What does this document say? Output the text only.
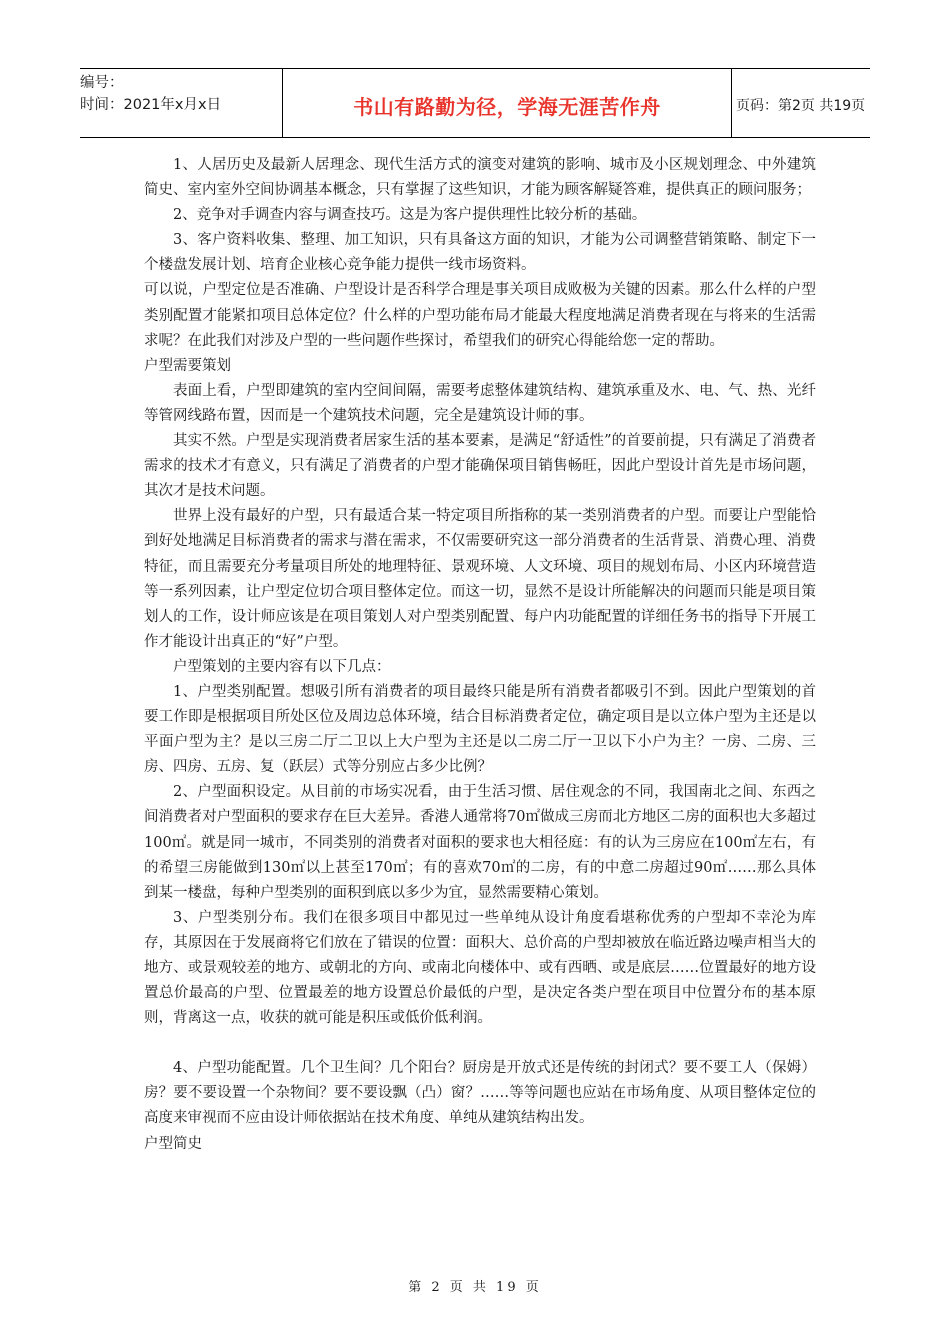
编号：
时间：2021年x月x日	书山有路勤为径，学海无涯苦作舟	页码：第2页 共19页

1、人居历史及最新人居理念、现代生活方式的演变对建筑的影响、城市及小区规划理念、中外建筑简史、室内室外空间协调基本概念，只有掌握了这些知识，才能为顾客解疑答难，提供真正的顾问服务；

2、竞争对手调查内容与调查技巧。这是为客户提供理性比较分析的基础。

3、客户资料收集、整理、加工知识，只有具备这方面的知识，才能为公司调整营销策略、制定下一个楼盘发展计划、培育企业核心竞争能力提供一线市场资料。

可以说，户型定位是否准确、户型设计是否科学合理是事关项目成败极为关键的因素。那么什么样的户型类别配置才能紧扣项目总体定位？什么样的户型功能布局才能最大程度地满足消费者现在与将来的生活需求呢？在此我们对涉及户型的一些问题作些探讨，希望我们的研究心得能给您一定的帮助。

户型需要策划

表面上看，户型即建筑的室内空间间隔，需要考虑整体建筑结构、建筑承重及水、电、气、热、光纤等管网线路布置，因而是一个建筑技术问题，完全是建筑设计师的事。

其实不然。户型是实现消费者居家生活的基本要素，是满足“舒适性”的首要前提，只有满足了消费者需求的技术才有意义，只有满足了消费者的户型才能确保项目销售畅旺，因此户型设计首先是市场问题，其次才是技术问题。

世界上没有最好的户型，只有最适合某一特定项目所指称的某一类别消费者的户型。而要让户型能恰到好处地满足目标消费者的需求与潜在需求，不仅需要研究这一部分消费者的生活背景、消费心理、消费特征，而且需要充分考量项目所处的地理特征、景观环境、人文环境、项目的规划布局、小区内环境营造等一系列因素，让户型定位切合项目整体定位。而这一切，显然不是设计所能解决的问题而只能是项目策划人的工作，设计师应该是在项目策划人对户型类别配置、每户内功能配置的详细任务书的指导下开展工作才能设计出真正的“好”户型。

户型策划的主要内容有以下几点：

1、户型类别配置。想吸引所有消费者的项目最终只能是所有消费者都吸引不到。因此户型策划的首要工作即是根据项目所处区位及周边总体环境，结合目标消费者定位，确定项目是以立体户型为主还是以平面户型为主？是以三房二厅二卫以上大户型为主还是以二房二厅一卫以下小户为主？一房、二房、三房、四房、五房、复（跃层）式等分别应占多少比例？

2、户型面积设定。从目前的市场实况看，由于生活习惯、居住观念的不同，我国南北之间、东西之间消费者对户型面积的要求存在巨大差异。香港人通常将70㎡做成三房而北方地区二房的面积也大多超过100㎡。就是同一城市，不同类别的消费者对面积的要求也大相径庭：有的认为三房应在100㎡左右，有的希望三房能做到130㎡以上甚至170㎡；有的喜欢70㎡的二房，有的中意二房超过90㎡……那么具体到某一楼盘，每种户型类别的面积到底以多少为宜，显然需要精心策划。

3、户型类别分布。我们在很多项目中都见过一些单纯从设计角度看堪称优秀的户型却不幸沦为库存，其原因在于发展商将它们放在了错误的位置：面积大、总价高的户型却被放在临近路边噪声相当大的地方、或景观较差的地方、或朝北的方向、或南北向楼体中、或有西晒、或是底层……位置最好的地方设置总价最高的户型、位置最差的地方设置总价最低的户型，是决定各类户型在项目中位置分布的基本原则，背离这一点，收获的就可能是积压或低价低利润。

4、户型功能配置。几个卫生间？几个阳台？厨房是开放式还是传统的封闭式？要不要工人（保姆）房？要不要设置一个杂物间？要不要设飘（凸）窗？……等等问题也应站在市场角度、从项目整体定位的高度来审视而不应由设计师依据站在技术角度、单纯从建筑结构出发。

户型简史

第 2 页 共 19 页
